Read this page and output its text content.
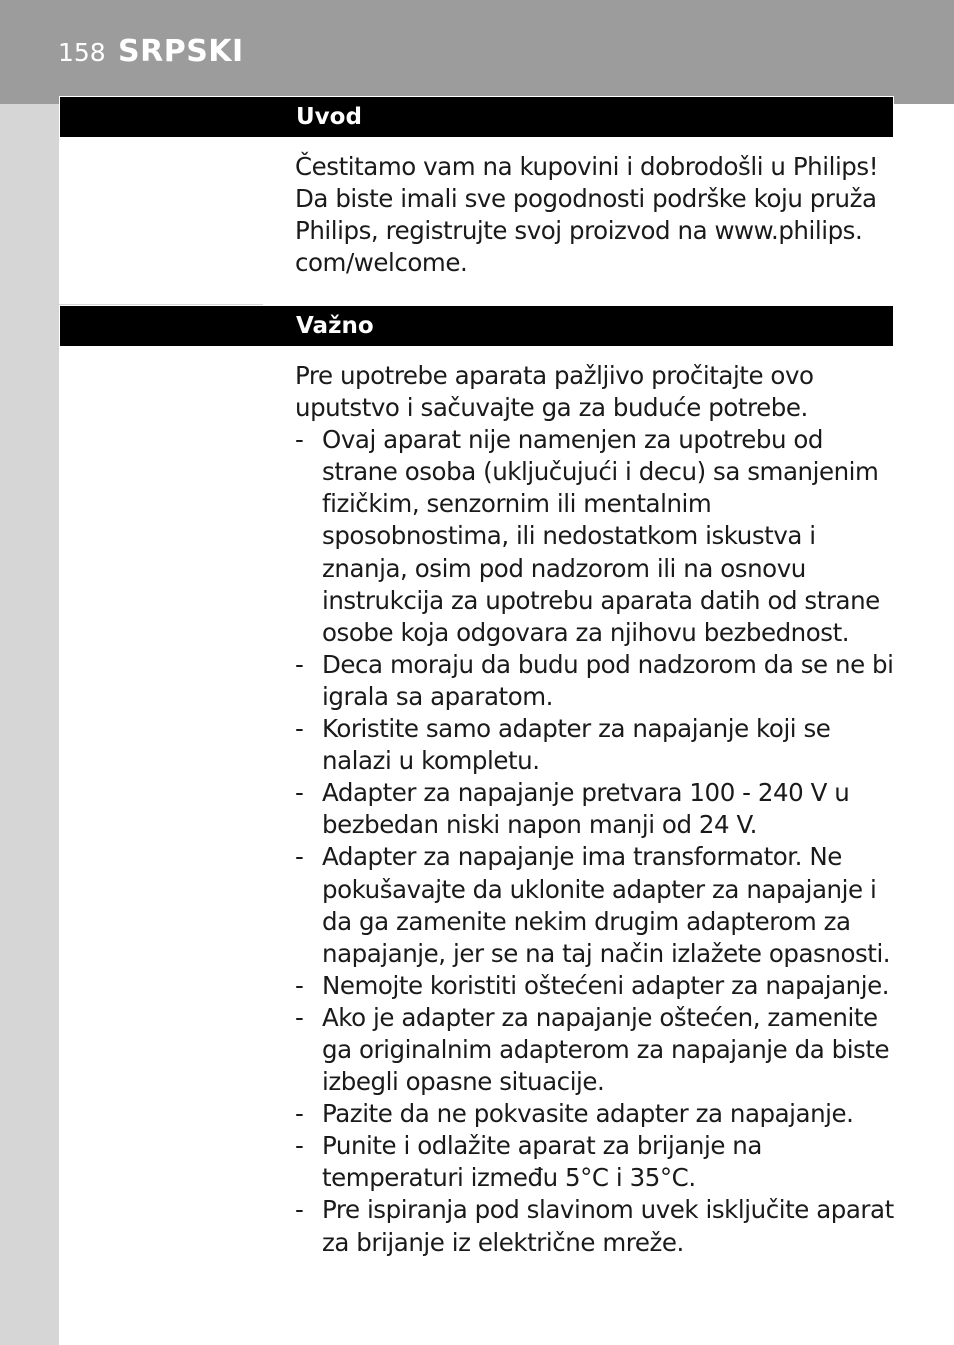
158 SRPSKI
Uvod

Čestitamo vam na kupovini i dobrodošli u Philips! Da biste imali sve pogodnosti podrške koju pruža Philips, registrujte svoj proizvod na www.philips. com/welcome.

Važno

Pre upotrebe aparata pažljivo pročitajte ovo uputstvo i sačuvajte ga za buduće potrebe.

- Ovaj aparat nije namenjen za upotrebu od strane osoba (uključujući i decu) sa smanjenim fizičkim, senzornim ili mentalnim sposobnostima, ili nedostatkom iskustva i znanja, osim pod nadzorom ili na osnovu instrukcija za upotrebu aparata datih od strane osobe koja odgovara za njihovu bezbednost.
- Deca moraju da budu pod nadzorom da se ne bi igrala sa aparatom.
- Koristite samo adapter za napajanje koji se nalazi u kompletu.
- Adapter za napajanje pretvara 100 - 240 V u bezbedan niski napon manji od 24 V.
- Adapter za napajanje ima transformator. Ne pokušavajte da uklonite adapter za napajanje i da ga zamenite nekim drugim adapterom za napajanje, jer se na taj način izlažete opasnosti.
- Nemojte koristiti oštećeni adapter za napajanje.
- Ako je adapter za napajanje oštećen, zamenite ga originalnim adapterom za napajanje da biste izbegli opasne situacije.
- Pazite da ne pokvasite adapter za napajanje.
- Punite i odlažite aparat za brijanje na temperaturi između 5°C i 35°C.
- Pre ispiranja pod slavinom uvek isključite aparat za brijanje iz električne mreže.
